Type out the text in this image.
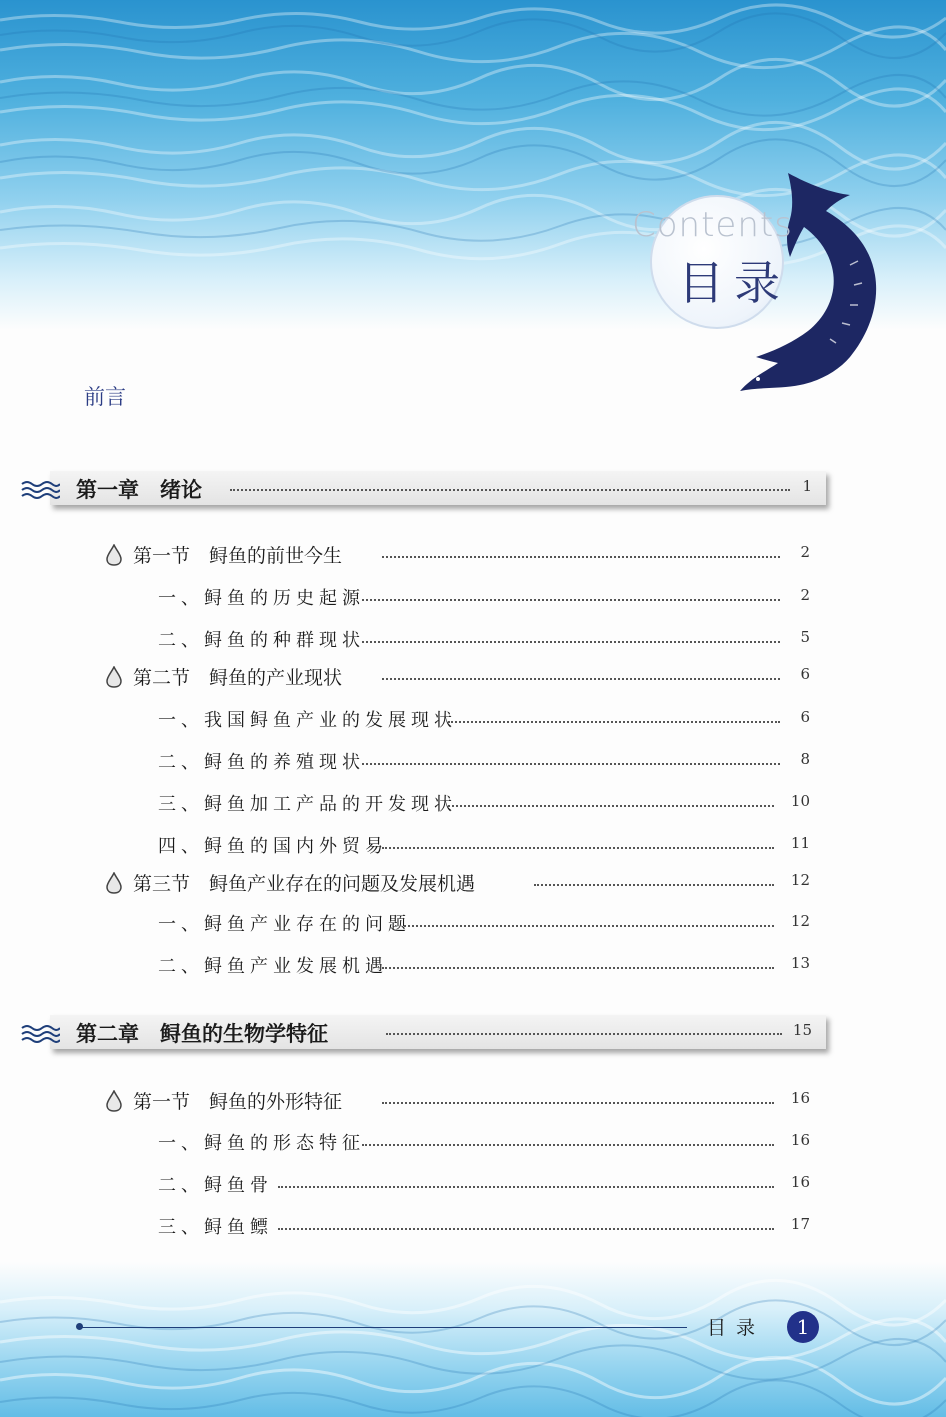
Contents
目录
前言
第一章　绪论	1
第一节　鲟鱼的前世今生	2
一、鲟鱼的历史起源	2
二、鲟鱼的种群现状	5
第二节　鲟鱼的产业现状	6
一、我国鲟鱼产业的发展现状	6
二、鲟鱼的养殖现状	8
三、鲟鱼加工产品的开发现状	10
四、鲟鱼的国内外贸易	11
第三节　鲟鱼产业存在的问题及发展机遇	12
一、鲟鱼产业存在的问题	12
二、鲟鱼产业发展机遇	13
第二章　鲟鱼的生物学特征	15
第一节　鲟鱼的外形特征	16
一、鲟鱼的形态特征	16
二、鲟鱼骨	16
三、鲟鱼鳔	17
目录	1
